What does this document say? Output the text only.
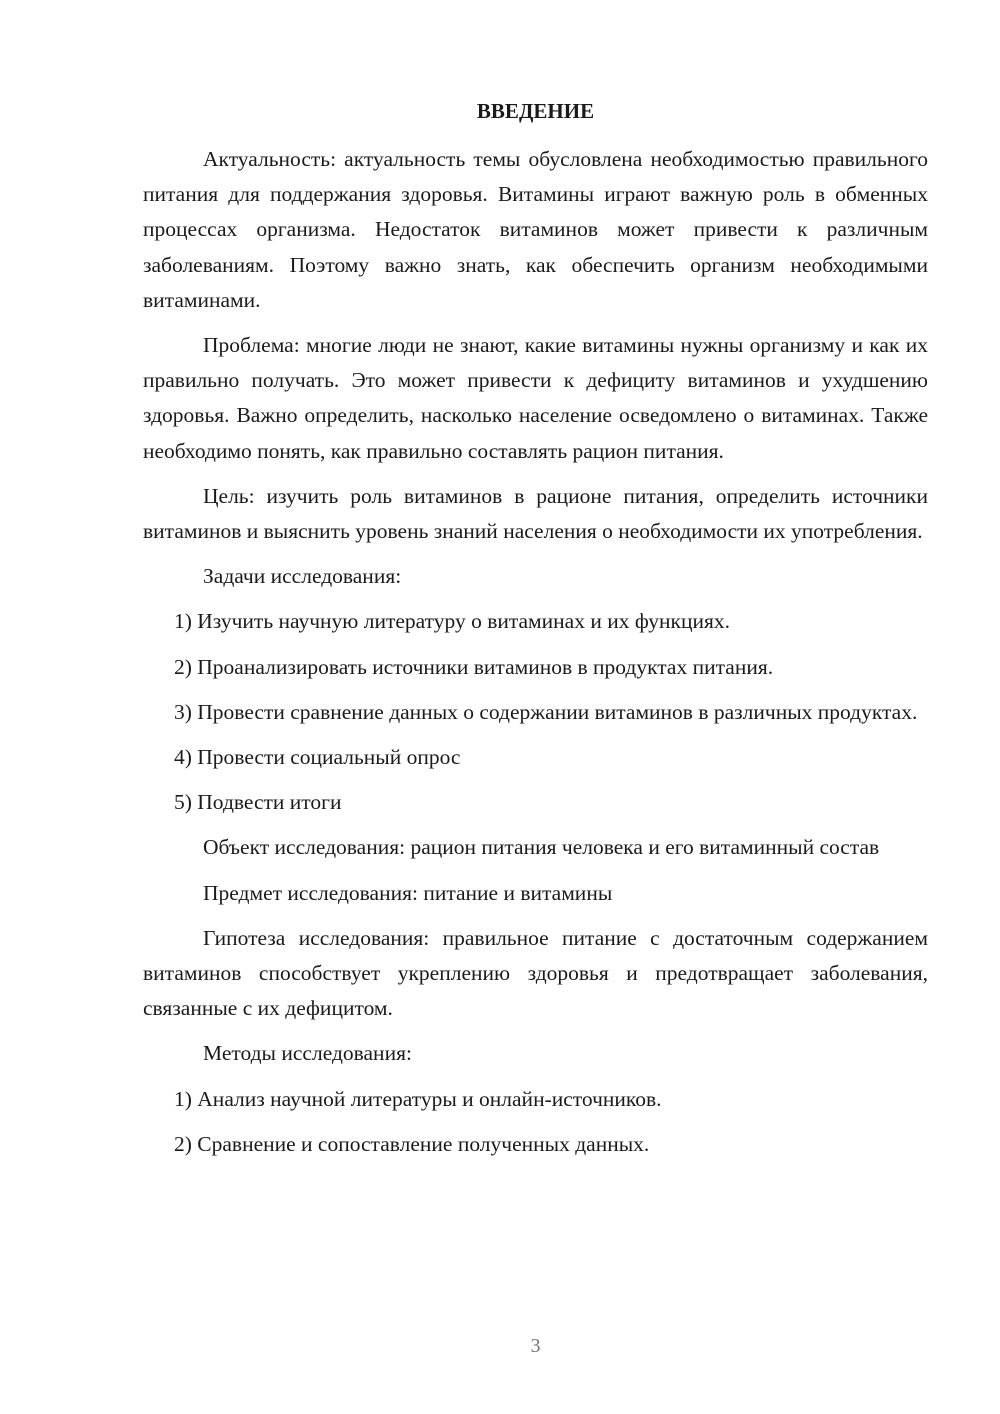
ВВЕДЕНИЕ

Актуальность: актуальность темы обусловлена необходимостью правильного питания для поддержания здоровья. Витамины играют важную роль в обменных процессах организма. Недостаток витаминов может привести к различным заболеваниям. Поэтому важно знать, как обеспечить организм необходимыми витаминами.

Проблема: многие люди не знают, какие витамины нужны организму и как их правильно получать. Это может привести к дефициту витаминов и ухудшению здоровья. Важно определить, насколько население осведомлено о витаминах. Также необходимо понять, как правильно составлять рацион питания.

Цель: изучить роль витаминов в рационе питания, определить источники витаминов и выяснить уровень знаний населения о необходимости их употребления.

Задачи исследования:

1) Изучить научную литературу о витаминах и их функциях.

2) Проанализировать источники витаминов в продуктах питания.

3) Провести сравнение данных о содержании витаминов в различных продуктах.

4) Провести социальный опрос

5) Подвести итоги

Объект исследования: рацион питания человека и его витаминный состав

Предмет исследования: питание и витамины

Гипотеза исследования: правильное питание с достаточным содержанием витаминов способствует укреплению здоровья и предотвращает заболевания, связанные с их дефицитом.

Методы исследования:

1) Анализ научной литературы и онлайн-источников.

2) Сравнение и сопоставление полученных данных.

3
